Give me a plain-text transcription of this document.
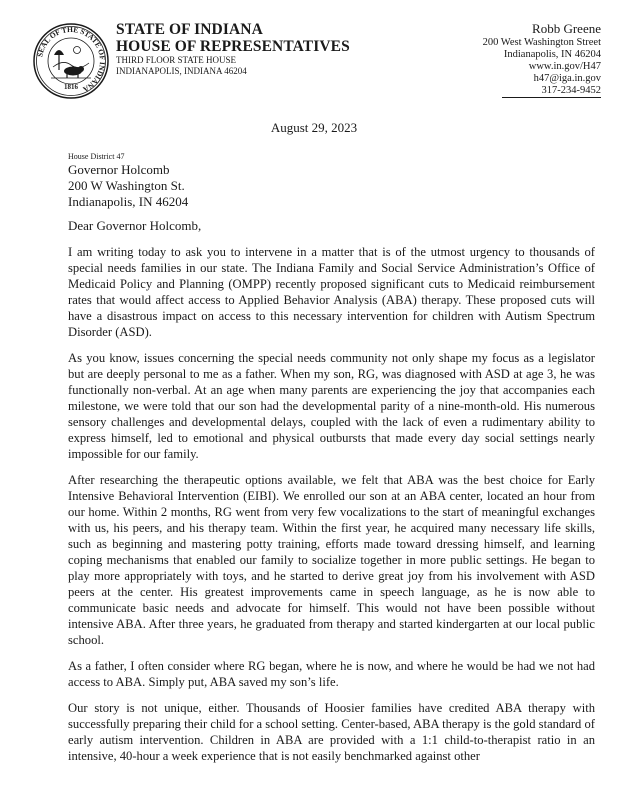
SEAL OF THE STATE OF INDIANA
1816
STATE OF INDIANA
HOUSE OF REPRESENTATIVES
THIRD FLOOR STATE HOUSE
INDIANAPOLIS, INDIANA 46204
Robb Greene
200 West Washington Street
Indianapolis, IN 46204
www.in.gov/H47
h47@iga.in.gov
317-234-9452
August 29, 2023
House District 47
Governor Holcomb
200 W Washington St.
Indianapolis, IN 46204
Dear Governor Holcomb,

I am writing today to ask you to intervene in a matter that is of the utmost urgency to thousands of special needs families in our state. The Indiana Family and Social Service Administration’s Office of Medicaid Policy and Planning (OMPP) recently proposed significant cuts to Medicaid reimbursement rates that would affect access to Applied Behavior Analysis (ABA) therapy. These proposed cuts will have a disastrous impact on access to this necessary intervention for children with Autism Spectrum Disorder (ASD).

As you know, issues concerning the special needs community not only shape my focus as a legislator but are deeply personal to me as a father. When my son, RG, was diagnosed with ASD at age 3, he was functionally non-verbal. At an age when many parents are experiencing the joy that accompanies each milestone, we were told that our son had the developmental parity of a nine-month-old. His numerous sensory challenges and developmental delays, coupled with the lack of even a rudimentary ability to express himself, led to emotional and physical outbursts that made every day social settings nearly impossible for our family.

After researching the therapeutic options available, we felt that ABA was the best choice for Early Intensive Behavioral Intervention (EIBI). We enrolled our son at an ABA center, located an hour from our home. Within 2 months, RG went from very few vocalizations to the start of meaningful exchanges with us, his peers, and his therapy team. Within the first year, he acquired many necessary life skills, such as beginning and mastering potty training, efforts made toward dressing himself, and learning coping mechanisms that enabled our family to socialize together in more public settings. He began to play more appropriately with toys, and he started to derive great joy from his involvement with ASD peers at the center. His greatest improvements came in speech language, as he is now able to communicate basic needs and advocate for himself. This would not have been possible without intensive ABA. After three years, he graduated from therapy and started kindergarten at our local public school.

As a father, I often consider where RG began, where he is now, and where he would be had we not had access to ABA. Simply put, ABA saved my son’s life.

Our story is not unique, either. Thousands of Hoosier families have credited ABA therapy with successfully preparing their child for a school setting. Center-based, ABA therapy is the gold standard of early autism intervention. Children in ABA are provided with a 1:1 child-to-therapist ratio in an intensive, 40-hour a week experience that is not easily benchmarked against other
